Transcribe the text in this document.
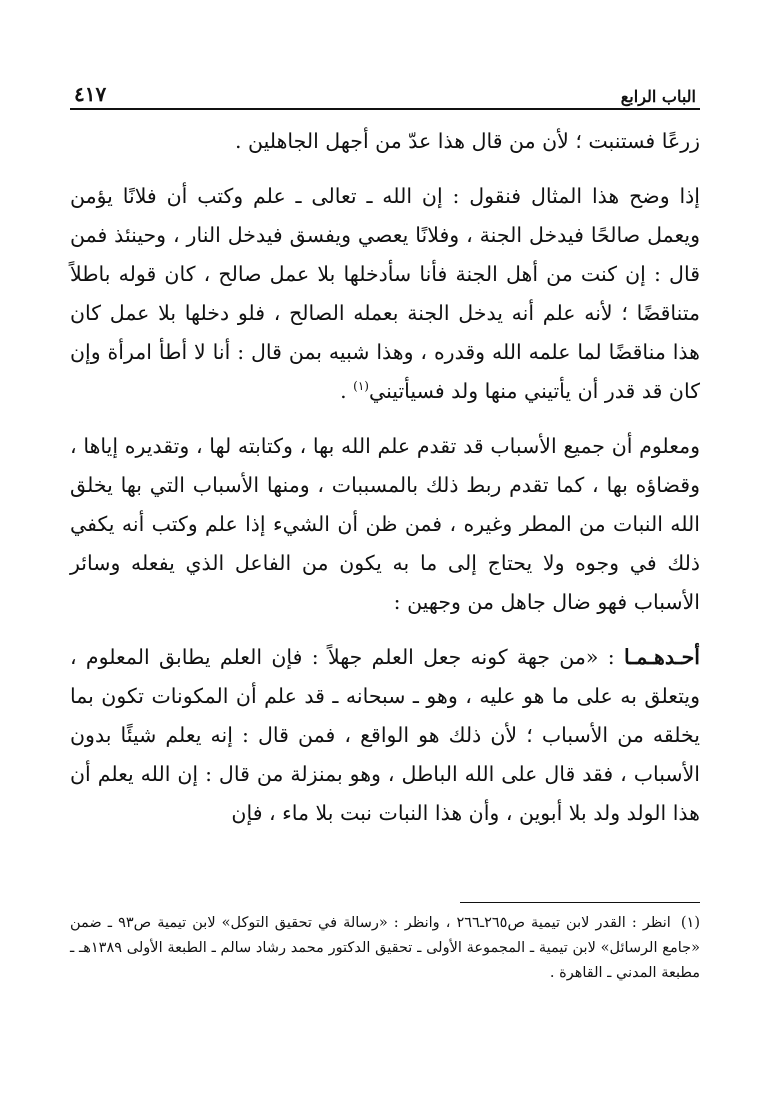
الباب الرابع
٤١٧

زرعًا فستنبت ؛ لأن من قال هذا عدّ من أجهل الجاهلين .

إذا وضح هذا المثال فنقول : إن الله ـ تعالى ـ علم وكتب أن فلانًا يؤمن ويعمل صالحًا فيدخل الجنة ، وفلانًا يعصي ويفسق فيدخل النار ، وحينئذ فمن قال : إن كنت من أهل الجنة فأنا سأدخلها بلا عمل صالح ، كان قوله باطلاً متناقضًا ؛ لأنه علم أنه يدخل الجنة بعمله الصالح ، فلو دخلها بلا عمل كان هذا مناقضًا لما علمه الله وقدره ، وهذا شبيه بمن قال : أنا لا أطأ امرأة وإن كان قد قدر أن يأتيني منها ولد فسيأتيني$^{(١)}$ .

ومعلوم أن جميع الأسباب قد تقدم علم الله بها ، وكتابته لها ، وتقديره إياها ، وقضاؤه بها ، كما تقدم ربط ذلك بالمسببات ، ومنها الأسباب التي بها يخلق الله النبات من المطر وغيره ، فمن ظن أن الشيء إذا علم وكتب أنه يكفي ذلك في وجوه ولا يحتاج إلى ما به يكون من الفاعل الذي يفعله وسائر الأسباب فهو ضال جاهل من وجهين :

أحـدهـمـا : «من جهة كونه جعل العلم جهلاً : فإن العلم يطابق المعلوم ، ويتعلق به على ما هو عليه ، وهو ـ سبحانه ـ قد علم أن المكونات تكون بما يخلقه من الأسباب ؛ لأن ذلك هو الواقع ، فمن قال : إنه يعلم شيئًا بدون الأسباب ، فقد قال على الله الباطل ، وهو بمنزلة من قال : إن الله يعلم أن هذا الولد ولد بلا أبوين ، وأن هذا النبات نبت بلا ماء ، فإن

(١) انظر : القدر لابن تيمية ص٢٦٥ـ٢٦٦ ، وانظر : «رسالة في تحقيق التوكل» لابن تيمية ص٩٣ ـ ضمن «جامع الرسائل» لابن تيمية ـ المجموعة الأولى ـ تحقيق الدكتور محمد رشاد سالم ـ الطبعة الأولى ١٣٨٩هـ ـ مطبعة المدني ـ القاهرة .
